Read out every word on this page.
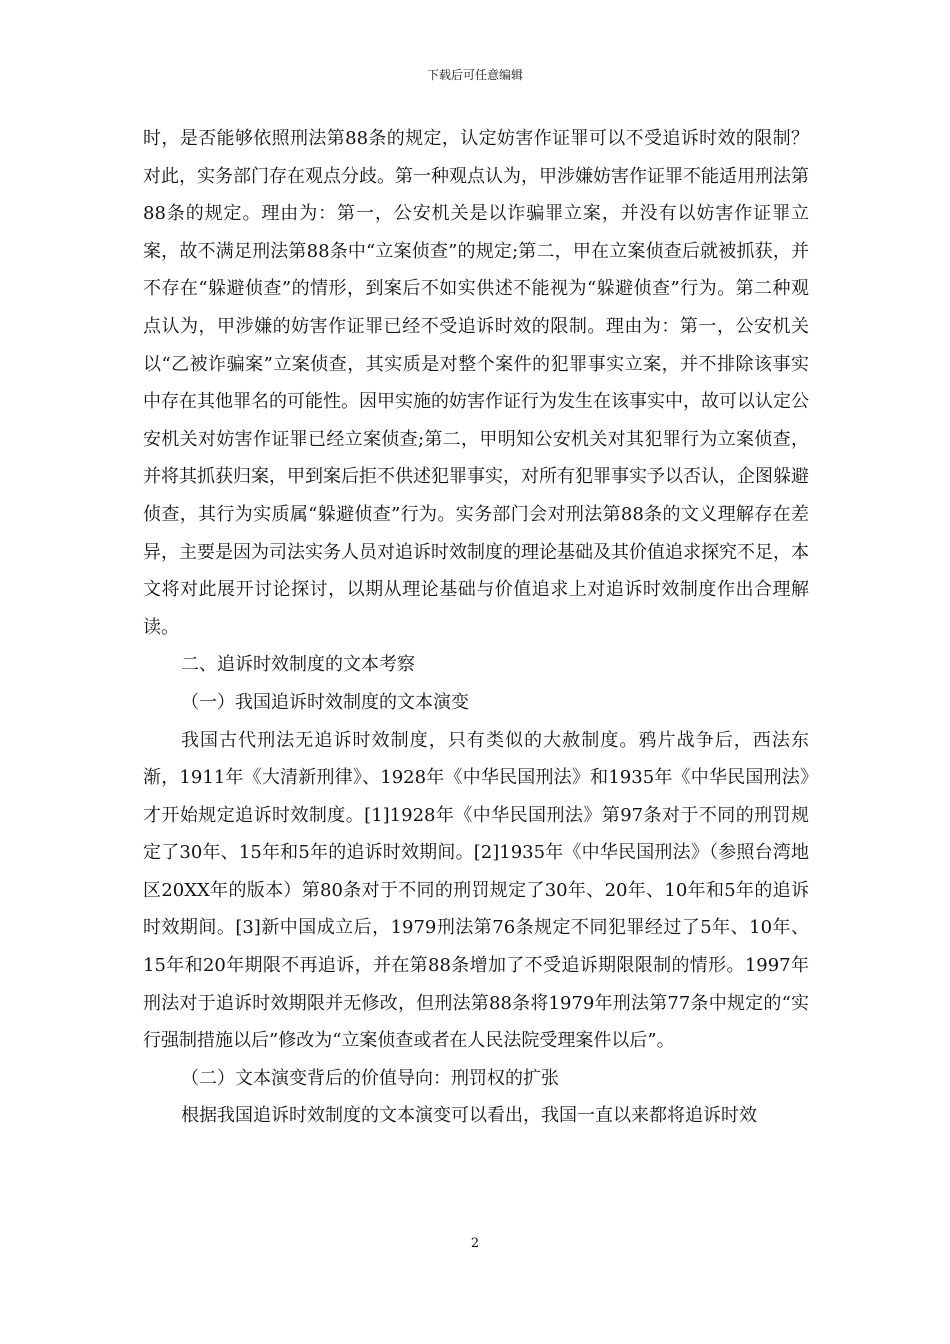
下载后可任意编辑

时，是否能够依照刑法第88条的规定，认定妨害作证罪可以不受追诉时效的限制？对此，实务部门存在观点分歧。第一种观点认为，甲涉嫌妨害作证罪不能适用刑法第88条的规定。理由为：第一，公安机关是以诈骗罪立案，并没有以妨害作证罪立案，故不满足刑法第88条中“立案侦查”的规定;第二，甲在立案侦查后就被抓获，并不存在“躲避侦查”的情形，到案后不如实供述不能视为“躲避侦查”行为。第二种观点认为，甲涉嫌的妨害作证罪已经不受追诉时效的限制。理由为：第一，公安机关以“乙被诈骗案”立案侦查，其实质是对整个案件的犯罪事实立案，并不排除该事实中存在其他罪名的可能性。因甲实施的妨害作证行为发生在该事实中，故可以认定公安机关对妨害作证罪已经立案侦查;第二，甲明知公安机关对其犯罪行为立案侦查，并将其抓获归案，甲到案后拒不供述犯罪事实，对所有犯罪事实予以否认，企图躲避侦查，其行为实质属“躲避侦查”行为。实务部门会对刑法第88条的文义理解存在差异，主要是因为司法实务人员对追诉时效制度的理论基础及其价值追求探究不足，本文将对此展开讨论探讨，以期从理论基础与价值追求上对追诉时效制度作出合理解读。

二、追诉时效制度的文本考察

（一）我国追诉时效制度的文本演变

我国古代刑法无追诉时效制度，只有类似的大赦制度。鸦片战争后，西法东渐，1911年《大清新刑律》、1928年《中华民国刑法》和1935年《中华民国刑法》才开始规定追诉时效制度。[1]1928年《中华民国刑法》第97条对于不同的刑罚规定了30年、15年和5年的追诉时效期间。[2]1935年《中华民国刑法》（参照台湾地区20XX年的版本）第80条对于不同的刑罚规定了30年、20年、10年和5年的追诉时效期间。[3]新中国成立后，1979刑法第76条规定不同犯罪经过了5年、10年、15年和20年期限不再追诉，并在第88条增加了不受追诉期限限制的情形。1997年刑法对于追诉时效期限并无修改，但刑法第88条将1979年刑法第77条中规定的“实行强制措施以后”修改为“立案侦查或者在人民法院受理案件以后”。

（二）文本演变背后的价值导向：刑罚权的扩张

根据我国追诉时效制度的文本演变可以看出，我国一直以来都将追诉时效

2
